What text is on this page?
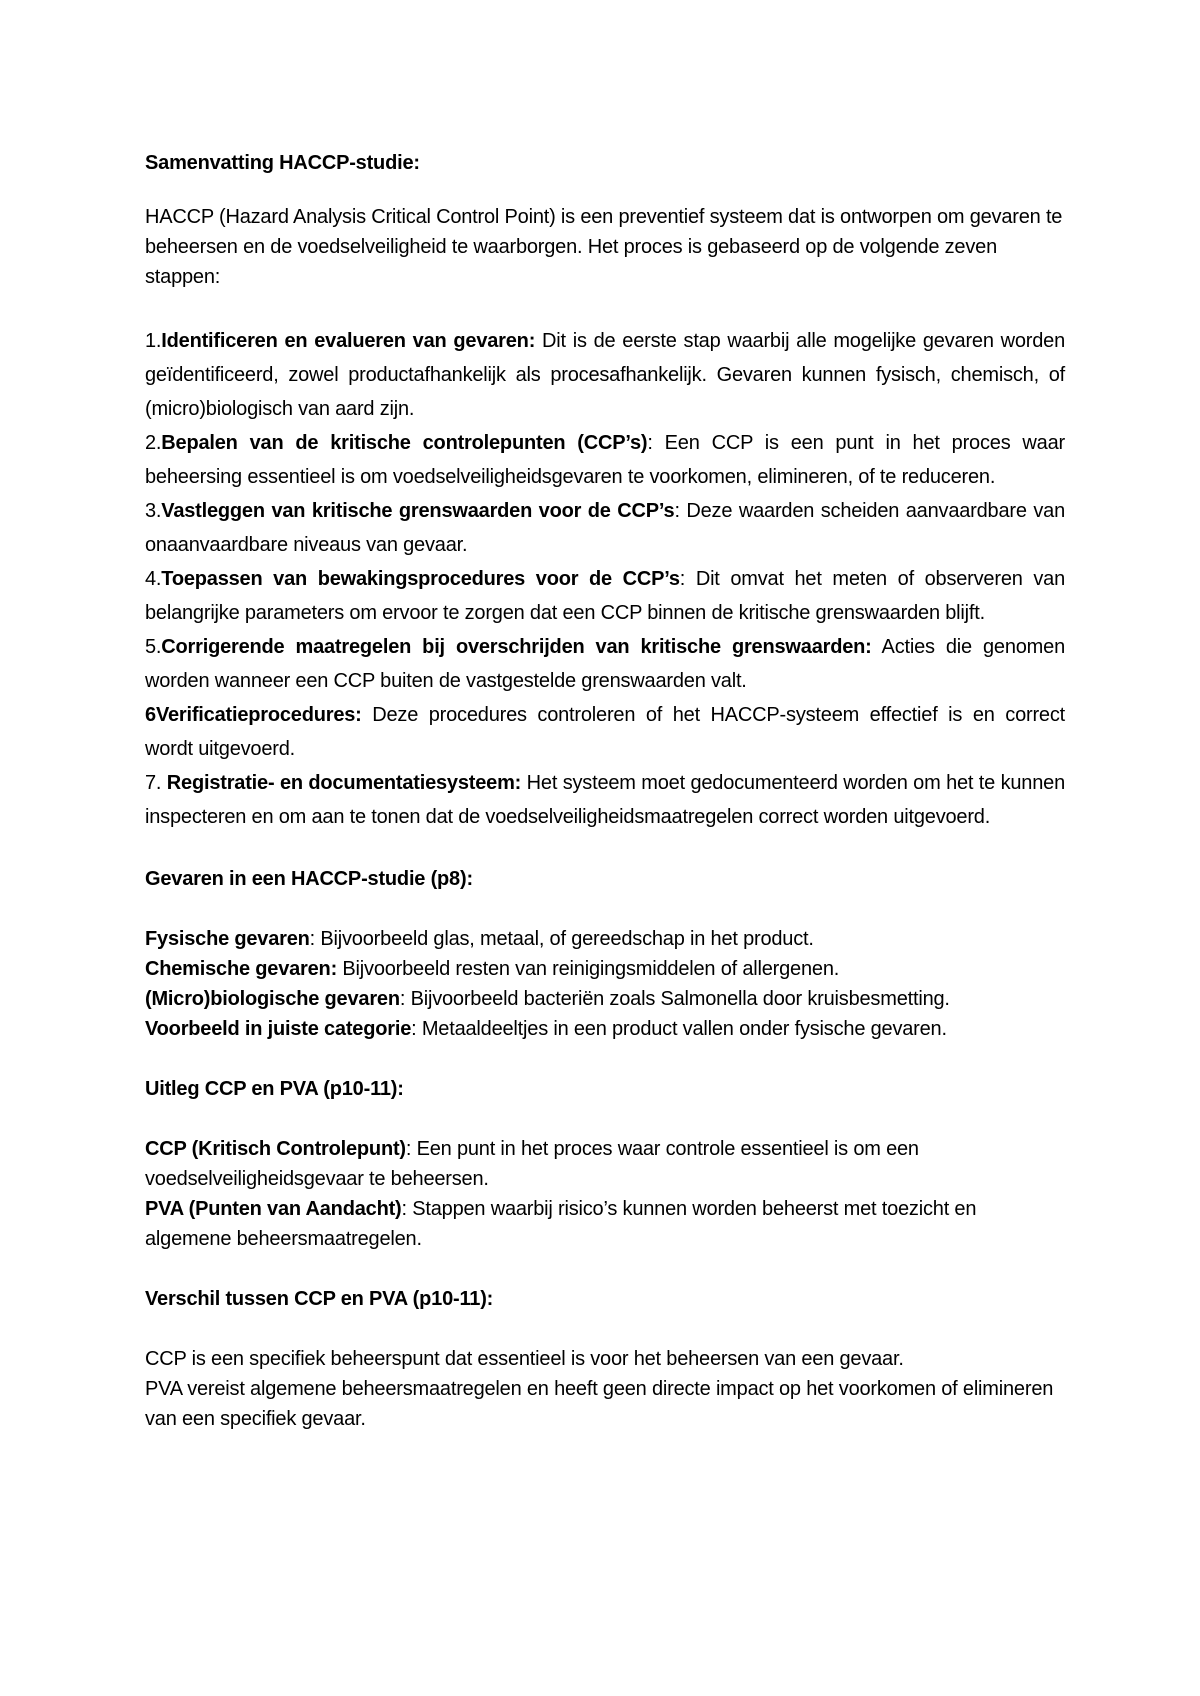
Samenvatting HACCP-studie:

HACCP (Hazard Analysis Critical Control Point) is een preventief systeem dat is ontworpen om gevaren te beheersen en de voedselveiligheid te waarborgen. Het proces is gebaseerd op de volgende zeven stappen:

1.Identificeren en evalueren van gevaren: Dit is de eerste stap waarbij alle mogelijke gevaren worden geïdentificeerd, zowel productafhankelijk als procesafhankelijk. Gevaren kunnen fysisch, chemisch, of (micro)biologisch van aard zijn.

2.Bepalen van de kritische controlepunten (CCP’s): Een CCP is een punt in het proces waar beheersing essentieel is om voedselveiligheidsgevaren te voorkomen, elimineren, of te reduceren.

3.Vastleggen van kritische grenswaarden voor de CCP’s: Deze waarden scheiden aanvaardbare van onaanvaardbare niveaus van gevaar.

4.Toepassen van bewakingsprocedures voor de CCP’s: Dit omvat het meten of observeren van belangrijke parameters om ervoor te zorgen dat een CCP binnen de kritische grenswaarden blijft.

5.Corrigerende maatregelen bij overschrijden van kritische grenswaarden: Acties die genomen worden wanneer een CCP buiten de vastgestelde grenswaarden valt.

6Verificatieprocedures: Deze procedures controleren of het HACCP-systeem effectief is en correct wordt uitgevoerd.

7. Registratie- en documentatiesysteem: Het systeem moet gedocumenteerd worden om het te kunnen inspecteren en om aan te tonen dat de voedselveiligheidsmaatregelen correct worden uitgevoerd.

Gevaren in een HACCP-studie (p8):

Fysische gevaren: Bijvoorbeeld glas, metaal, of gereedschap in het product.

Chemische gevaren: Bijvoorbeeld resten van reinigingsmiddelen of allergenen.

(Micro)biologische gevaren: Bijvoorbeeld bacteriën zoals Salmonella door kruisbesmetting.

Voorbeeld in juiste categorie: Metaaldeeltjes in een product vallen onder fysische gevaren.

Uitleg CCP en PVA (p10-11):

CCP (Kritisch Controlepunt): Een punt in het proces waar controle essentieel is om een voedselveiligheidsgevaar te beheersen.

PVA (Punten van Aandacht): Stappen waarbij risico’s kunnen worden beheerst met toezicht en algemene beheersmaatregelen.

Verschil tussen CCP en PVA (p10-11):

CCP is een specifiek beheerspunt dat essentieel is voor het beheersen van een gevaar.

PVA vereist algemene beheersmaatregelen en heeft geen directe impact op het voorkomen of elimineren van een specifiek gevaar.
